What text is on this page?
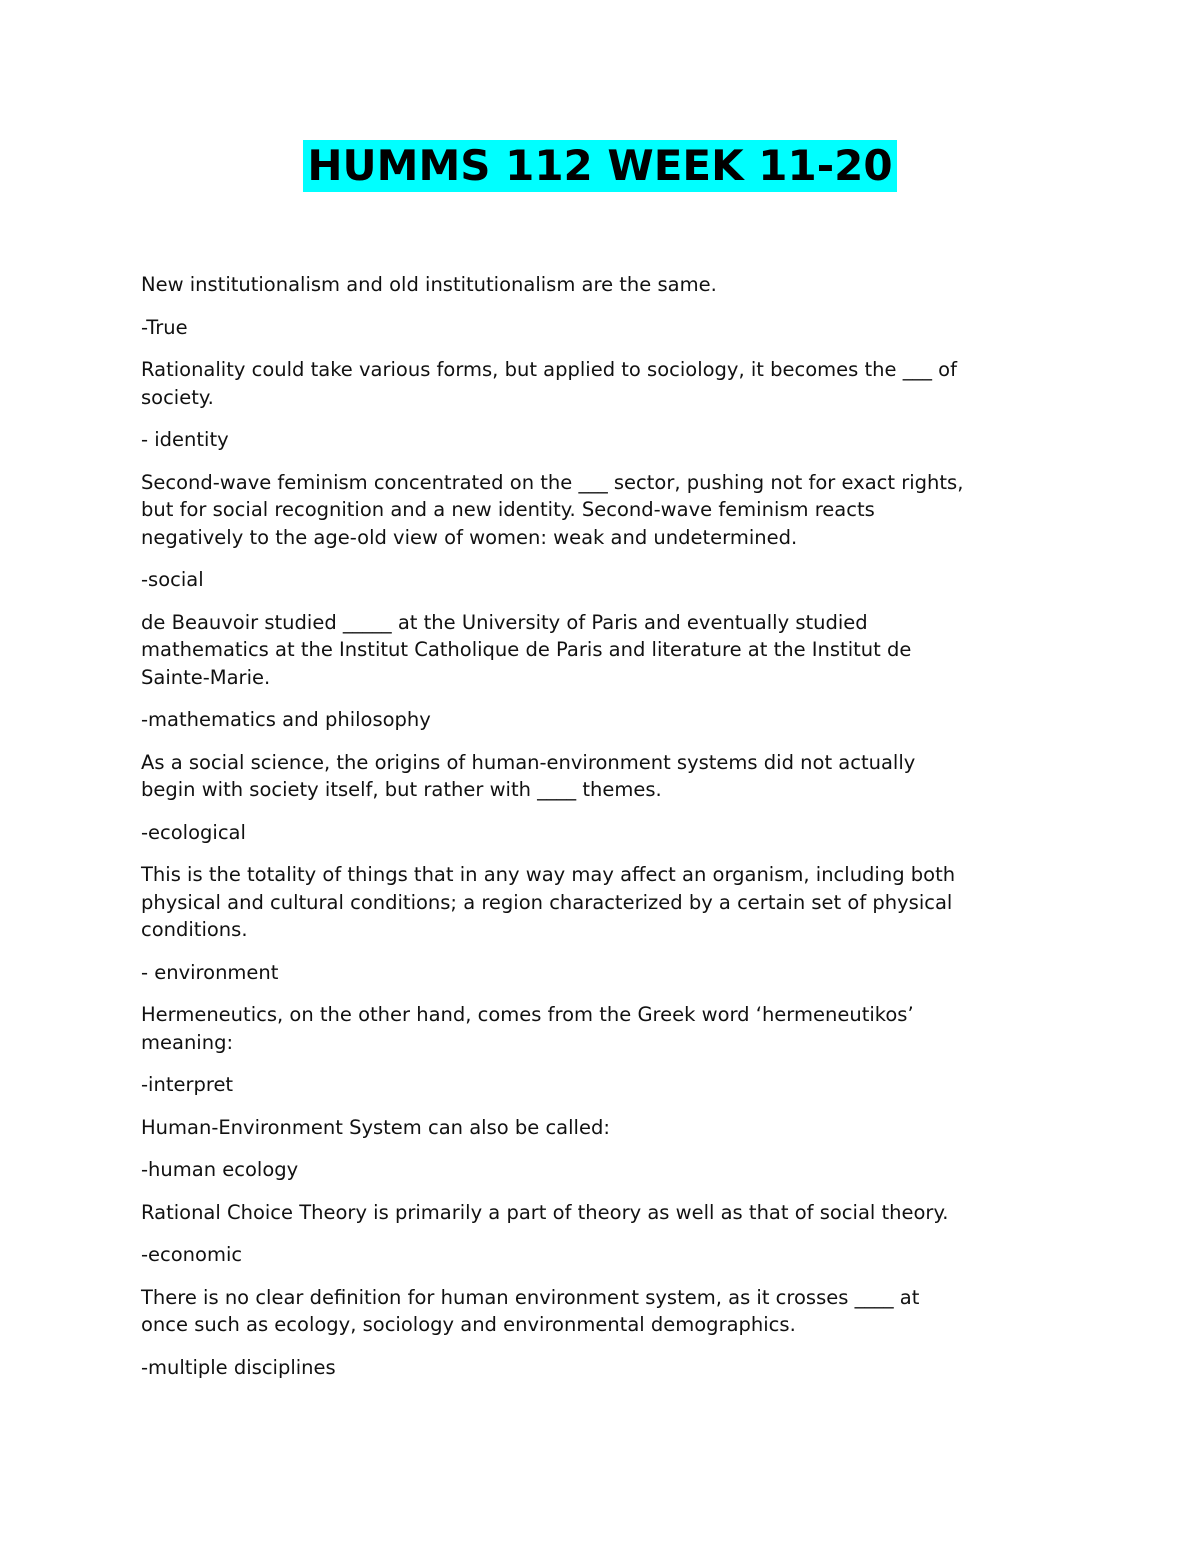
HUMMS 112 WEEK 11-20

New institutionalism and old institutionalism are the same.

-True

Rationality could take various forms, but applied to sociology, it becomes the ___ of
society.

- identity

Second-wave feminism concentrated on the ___ sector, pushing not for exact rights,
but for social recognition and a new identity. Second-wave feminism reacts
negatively to the age-old view of women: weak and undetermined.

-social

de Beauvoir studied _____ at the University of Paris and eventually studied
mathematics at the Institut Catholique de Paris and literature at the Institut de
Sainte-Marie.

-mathematics and philosophy

As a social science, the origins of human-environment systems did not actually
begin with society itself, but rather with ____ themes.

-ecological

This is the totality of things that in any way may affect an organism, including both
physical and cultural conditions; a region characterized by a certain set of physical
conditions.

- environment

Hermeneutics, on the other hand, comes from the Greek word ‘hermeneutikos’
meaning:

-interpret

Human-Environment System can also be called:

-human ecology

Rational Choice Theory is primarily a part of theory as well as that of social theory.

-economic

There is no clear definition for human environment system, as it crosses ____ at
once such as ecology, sociology and environmental demographics.

-multiple disciplines
